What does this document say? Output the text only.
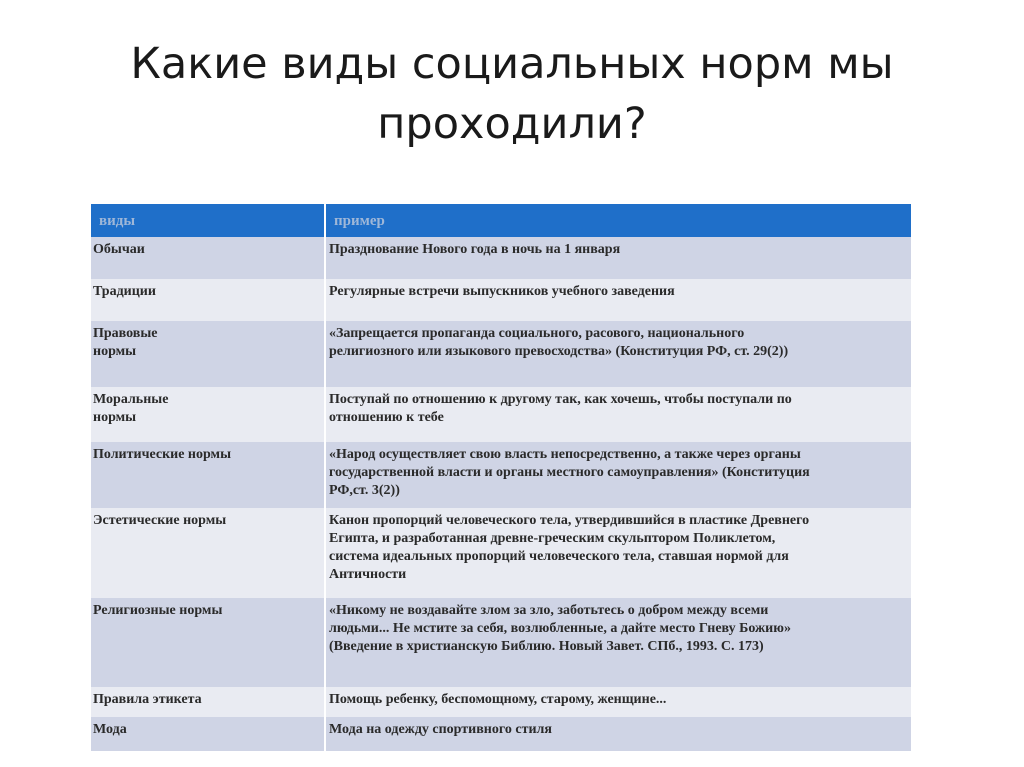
Какие виды социальных норм мы
проходили?
виды	пример

Обычаи	Празднование Нового года в ночь на 1 января

Традиции	Регулярные встречи выпускников учебного заведения

Правовые
нормы	«Запрещается пропаганда социального, расового, национального
религиозного или языкового превосходства» (Конституция РФ, ст. 29(2))

Моральные
нормы	Поступай по отношению к другому так, как хочешь, чтобы поступали по
отношению к тебе

Политические нормы	«Народ осуществляет свою власть непосредственно, а также через органы
государственной власти и органы местного самоуправления» (Конституция
РФ,ст. 3(2))

Эстетические нормы	Канон пропорций человеческого тела, утвердившийся в пластике Древнего
Египта, и разработанная древне-греческим скульптором Поликлетом,
система идеальных пропорций человеческого тела, ставшая нормой для
Античности

Религиозные нормы	«Никому не воздавайте злом за зло, заботьтесь о добром между всеми
людьми... Не мстите за себя, возлюбленные, а дайте место Гневу Божию»
(Введение в христианскую Библию. Новый Завет. СПб., 1993. С. 173)

Правила этикета	Помощь ребенку, беспомощному, старому, женщине...

Мода	Мода на одежду спортивного стиля
